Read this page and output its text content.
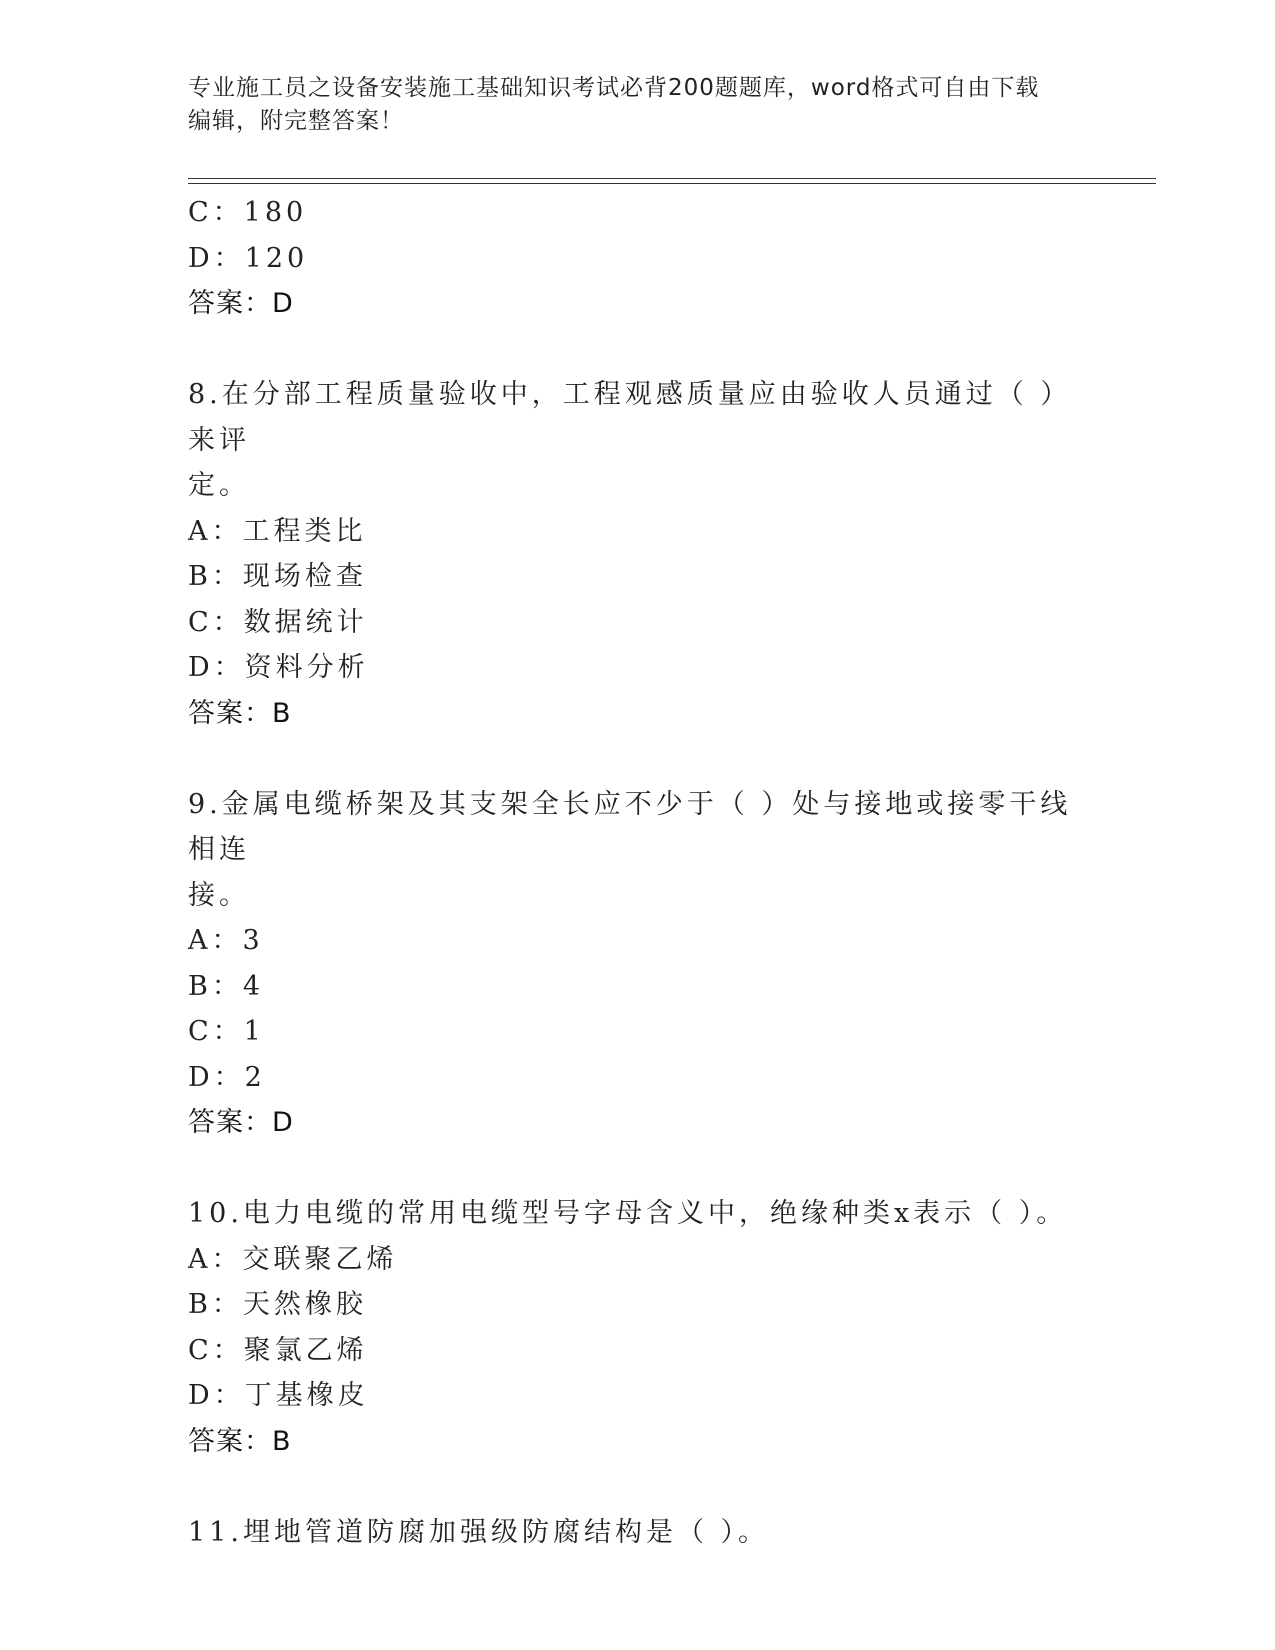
专业施工员之设备安装施工基础知识考试必背200题题库，word格式可自由下载
编辑，附完整答案！
C：180
D：120
答案：D
8.在分部工程质量验收中，工程观感质量应由验收人员通过（ ）来评
定。
A：工程类比
B：现场检查
C：数据统计
D：资料分析
答案：B
9.金属电缆桥架及其支架全长应不少于（ ）处与接地或接零干线相连
接。
A：3
B：4
C：1
D：2
答案：D
10.电力电缆的常用电缆型号字母含义中，绝缘种类x表示（ ）。
A：交联聚乙烯
B：天然橡胶
C：聚氯乙烯
D：丁基橡皮
答案：B
11.埋地管道防腐加强级防腐结构是（ ）。
